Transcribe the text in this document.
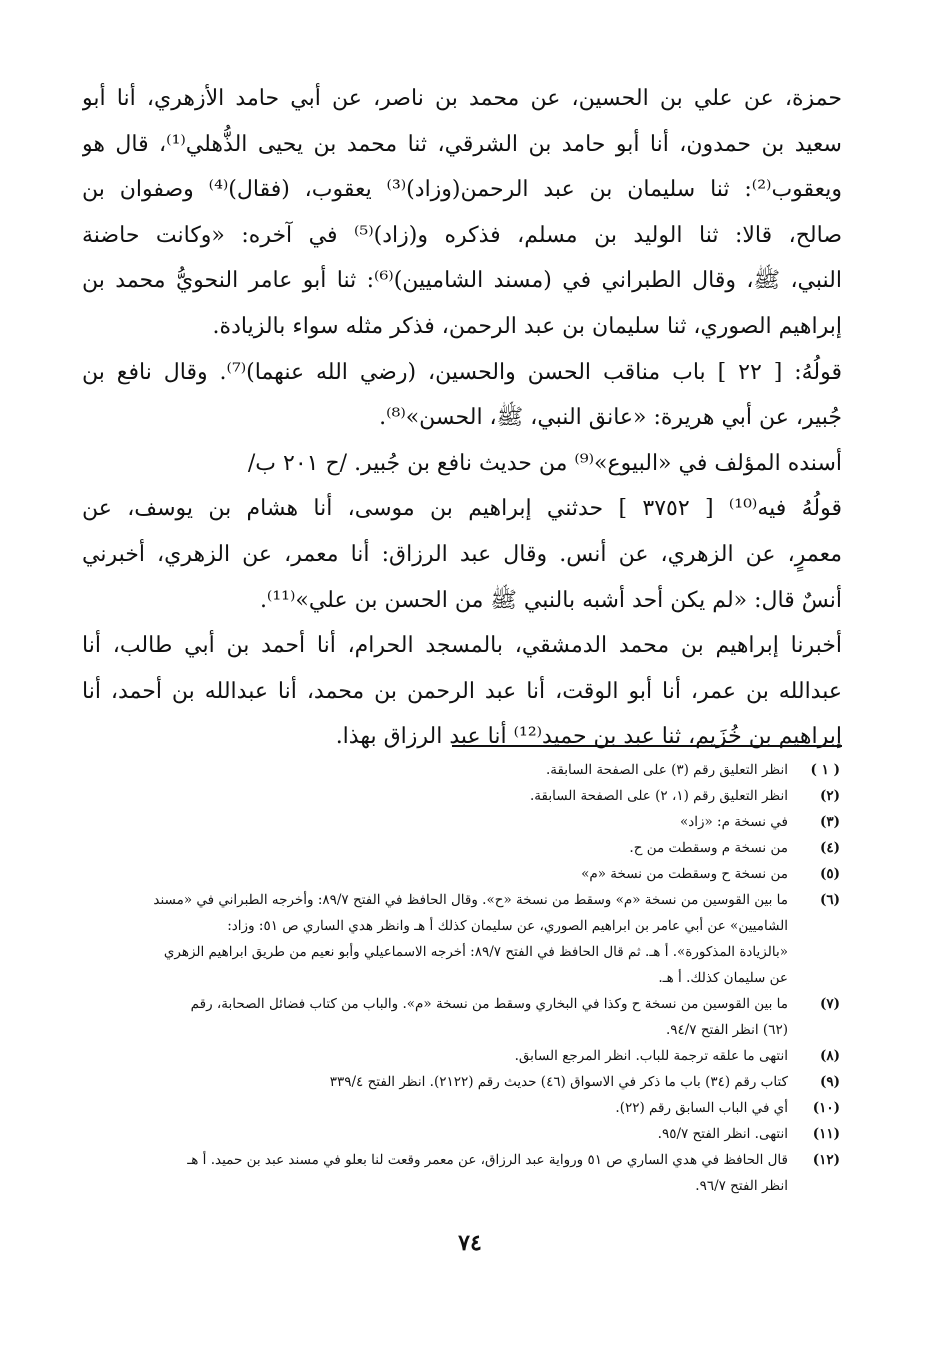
حمزة، عن علي بن الحسين، عن محمد بن ناصر، عن أبي حامد الأزهري، أنا أبو
سعيد بن حمدون، أنا أبو حامد بن الشرقي، ثنا محمد بن يحيى الذُّهلي⁽¹⁾، قال هو
ويعقوب⁽²⁾: ثنا سليمان بن عبد الرحمن(وزاد)⁽³⁾ يعقوب، (فقال)⁽⁴⁾ وصفوان بن
صالح، قالا: ثنا الوليد بن مسلم، فذكره و(زاد)⁽⁵⁾ في آخره: «وكانت حاضنة
النبي، ﷺ، وقال الطبراني في (مسند الشاميين)⁽⁶⁾: ثنا أبو عامر النحويُّ محمد بن
إبراهيم الصوري، ثنا سليمان بن عبد الرحمن، فذكر مثله سواء بالزيادة.
قولُهُ: [ ٢٢ ] باب مناقب الحسن والحسين، (رضي الله عنهما)⁽⁷⁾. وقال نافع بن
جُبير، عن أبي هريرة: «عانق النبي، ﷺ، الحسن»⁽⁸⁾.
أسنده المؤلف في «البيوع»⁽⁹⁾ من حديث نافع بن جُبير. /ح ٢٠١ ب/
قولُهُ فيه⁽¹⁰⁾ [ ٣٧٥٢ ] حدثني إبراهيم بن موسى، أنا هشام بن يوسف، عن
معمرٍ، عن الزهري، عن أنس. وقال عبد الرزاق: أنا معمر، عن الزهري، أخبرني
أنسٌ قال: «لم يكن أحد أشبه بالنبي ﷺ من الحسن بن علي»⁽¹¹⁾.
أخبرنا إبراهيم بن محمد الدمشقي، بالمسجد الحرام، أنا أحمد بن أبي طالب، أنا
عبدالله بن عمر، أنا أبو الوقت، أنا عبد الرحمن بن محمد، أنا عبدالله بن أحمد، أنا
إبراهيم بن خُزَيم، ثنا عبد بن حميد⁽¹²⁾ أنا عبد الرزاق بهذا.
( ١ )
انظر التعليق رقم (٣) على الصفحة السابقة.
(٢)
انظر التعليق رقم (١، ٢) على الصفحة السابقة.
(٣)
في نسخة م: «زاد»
(٤)
من نسخة م وسقطت من ح.
(٥)
من نسخة ح وسقطت من نسخة «م»
(٦)
ما بين القوسين من نسخة «م» وسقط من نسخة «ح». وقال الحافظ في الفتح ٨٩/٧: وأخرجه الطبراني في «مسند
الشاميين» عن أبي عامر بن ابراهيم الصوري، عن سليمان كذلك أ هـ وانظر هدي الساري ص ٥١: وزاد:
«بالزيادة المذكورة». أ هـ. ثم قال الحافظ في الفتح ٨٩/٧: أخرجه الاسماعيلي وأبو نعيم من طريق ابراهيم الزهري
عن سليمان كذلك. أ هـ.
(٧)
ما بين القوسين من نسخة ح وكذا في البخاري وسقط من نسخة «م». والباب من كتاب فضائل الصحابة، رقم
(٦٢) انظر الفتح ٩٤/٧.
(٨)
انتهى ما علقه ترجمة للباب. انظر المرجع السابق.
(٩)
كتاب رقم (٣٤) باب ما ذكر في الاسواق (٤٦) حديث رقم (٢١٢٢). انظر الفتح ٣٣٩/٤
(١٠)
أي في الباب السابق رقم (٢٢).
(١١)
انتهى. انظر الفتح ٩٥/٧.
(١٢)
قال الحافظ في هدي الساري ص ٥١ ورواية عبد الرزاق، عن معمر وقعت لنا بعلو في مسند عبد بن حميد. أ هـ
انظر الفتح ٩٦/٧.
٧٤
